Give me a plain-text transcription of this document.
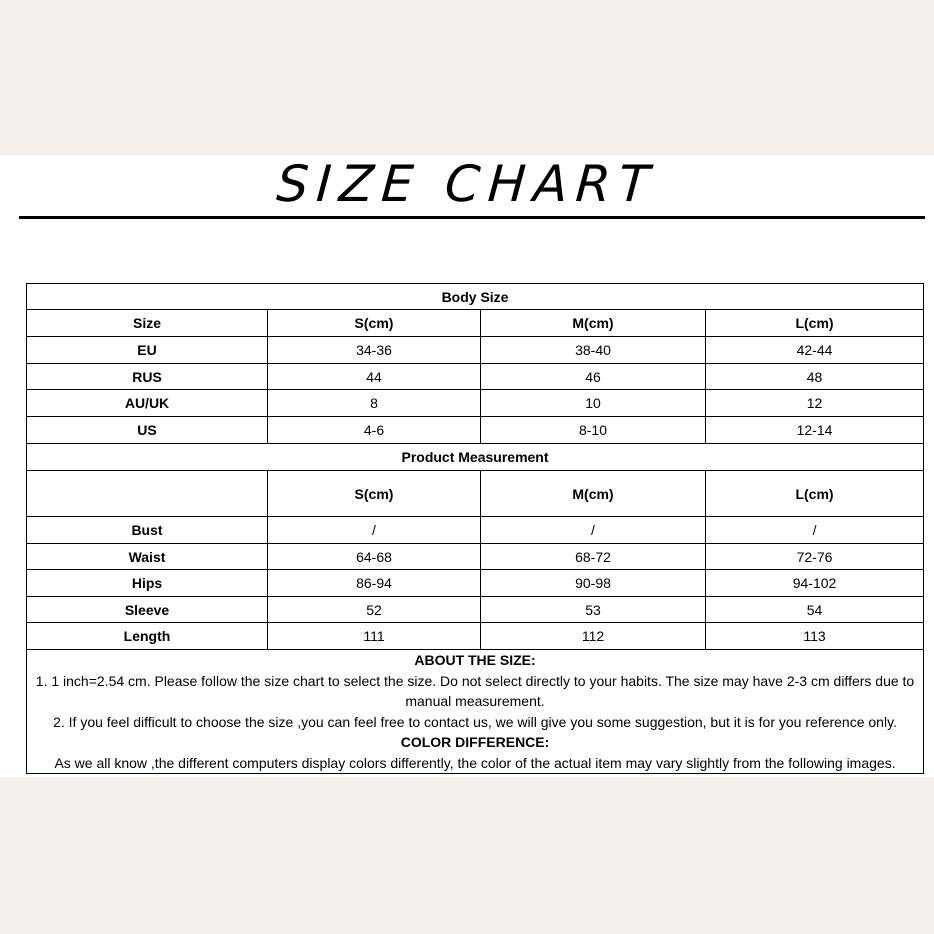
SIZE CHART
Body Size			
Size	S(cm)	M(cm)	L(cm)
EU	34-36	38-40	42-44
RUS	44	46	48
AU/UK	8	10	12
US	4-6	8-10	12-14
Product Measurement			
	S(cm)	M(cm)	L(cm)
Bust	/	/	/
Waist	64-68	68-72	72-76
Hips	86-94	90-98	94-102
Sleeve	52	53	54
Length	111	112	113

ABOUT THE SIZE:
1. 1 inch=2.54 cm. Please follow the size chart to select the size. Do not select directly to your habits. The size may have 2-3 cm differs due to manual measurement.
2. If you feel difficult to choose the size ,you can feel free to contact us, we will give you some suggestion, but it is for you reference only.
COLOR DIFFERENCE:
As we all know ,the different computers display colors differently, the color of the actual item may vary slightly from the following images.			
